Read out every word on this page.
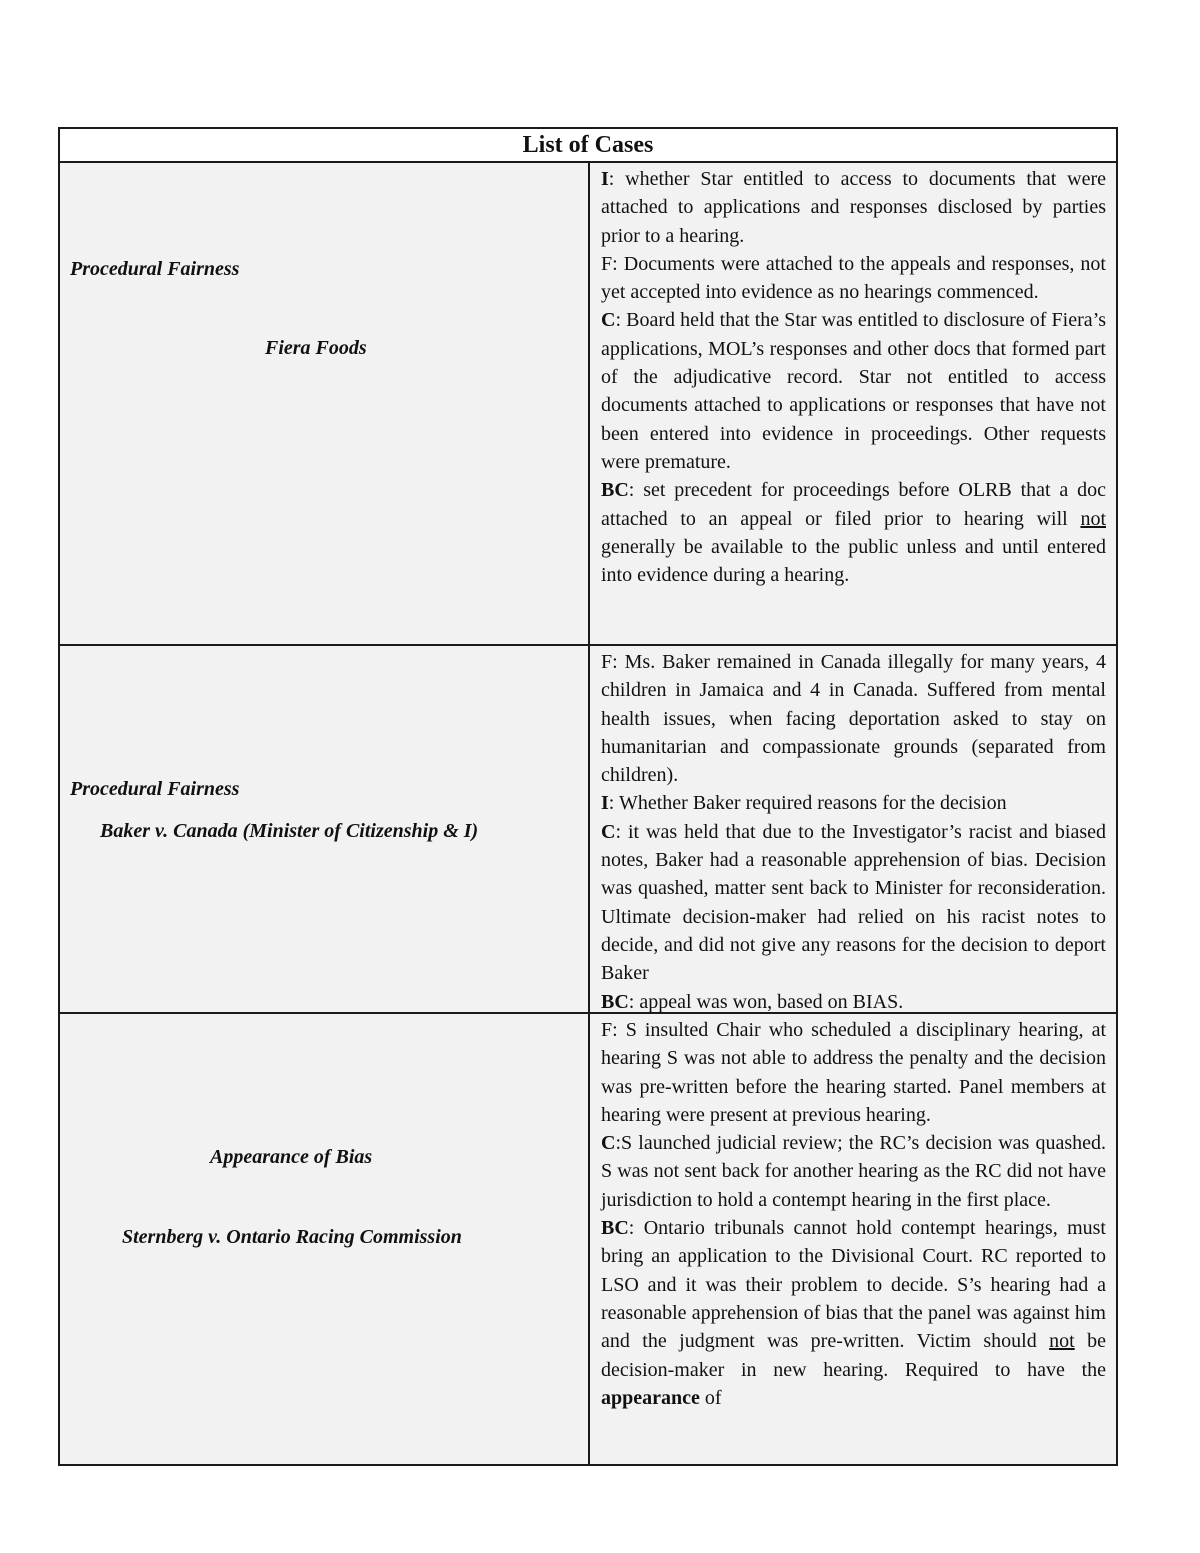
List of Cases
Procedural Fairness
Fiera Foods

I: whether Star entitled to access to documents that were attached to applications and responses disclosed by parties prior to a hearing.

F: Documents were attached to the appeals and responses, not yet accepted into evidence as no hearings commenced.

C: Board held that the Star was entitled to disclosure of Fiera’s applications, MOL’s responses and other docs that formed part of the adjudicative record. Star not entitled to access documents attached to applications or responses that have not been entered into evidence in proceedings. Other requests were premature.

BC: set precedent for proceedings before OLRB that a doc attached to an appeal or filed prior to hearing will not generally be available to the public unless and until entered into evidence during a hearing.

Procedural Fairness
Baker v. Canada (Minister of Citizenship & I)

F: Ms. Baker remained in Canada illegally for many years, 4 children in Jamaica and 4 in Canada. Suffered from mental health issues, when facing deportation asked to stay on humanitarian and compassionate grounds (separated from children).

I: Whether Baker required reasons for the decision

C: it was held that due to the Investigator’s racist and biased notes, Baker had a reasonable apprehension of bias. Decision was quashed, matter sent back to Minister for reconsideration. Ultimate decision-maker had relied on his racist notes to decide, and did not give any reasons for the decision to deport Baker

BC: appeal was won, based on BIAS.

Appearance of Bias
Sternberg v. Ontario Racing Commission

F: S insulted Chair who scheduled a disciplinary hearing, at hearing S was not able to address the penalty and the decision was pre-written before the hearing started. Panel members at hearing were present at previous hearing.

C:S launched judicial review; the RC’s decision was quashed. S was not sent back for another hearing as the RC did not have jurisdiction to hold a contempt hearing in the first place.

BC: Ontario tribunals cannot hold contempt hearings, must bring an application to the Divisional Court. RC reported to LSO and it was their problem to decide. S’s hearing had a reasonable apprehension of bias that the panel was against him and the judgment was pre-written. Victim should not be decision-maker in new hearing. Required to have the appearance of
